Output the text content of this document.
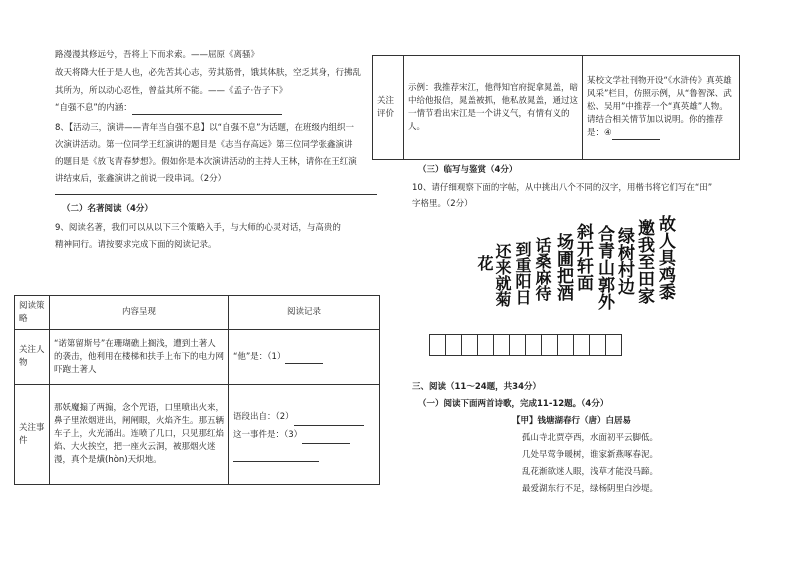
路漫漫其修远兮，吾将上下而求索。——屈原《离骚》
故天将降大任于是人也，必先苦其心志，劳其筋骨，饿其体肤，空乏其身，行拂乱
其所为，所以动心忍性，曾益其所不能。——《孟子·告子下》
“自强不息”的内涵：
8、【活动三，演讲——青年当自强不息】以“自强不息”为话题，在班级内组织一
次演讲活动。第一位同学王红演讲的题目是《志当存高远》第三位同学张鑫演讲
的题目是《放飞青春梦想》。假如你是本次演讲活动的主持人王林，请你在王红演
讲结束后，张鑫演讲之前说一段串词。（2分）
（二）名著阅读（4分）
9、阅读名著，我们可以从以下三个策略入手，与大师的心灵对话，与高贵的
精神同行。请按要求完成下面的阅读记录。
阅读策略	内容呈现	阅读记录
关注人物	“诺第留斯号”在珊瑚礁上搁浅，遭到土著人的袭击，他利用在楼梯和扶手上布下的电力网吓跑土著人	“他”是：（1）
关注事件	那妖魔搧了两搧，念个咒语，口里喷出火来，鼻子里浓烟迸出，闸闸眼，火焰齐生。那五辆车子上，火光涌出。连喷了几口，只见那红焰焰、大火挨空，把一座火云洞，被那烟火迷漫，真个是熿(hòn)天炽地。	语段出自：（2）
这一事件是：（3）

关注评价	示例：我推荐宋江，他得知官府捉拿晁盖，暗中给他报信，晁盖被抓，他私放晁盖，通过这一情节看出宋江是一个讲义气，有情有义的人。	某校文学社刊物开设“《水浒传》真英雄风采”栏目，仿照示例，从“鲁智深、武松、吴用”中推荐一个“真英雄”人物。
请结合相关情节加以说明。你的推荐是：④
（三）临写与鉴赏（4分）
10、请仔细观察下面的字帖，从中挑出八个不同的汉字，用楷书将它们写在“田”
字格里。（2分）
故人具鸡黍
邀我至田家
绿树村边
合青山郭外
斜开轩面
场圃把酒
话桑麻待
到重阳日
还来就菊
花
三、阅读（11～24题，共34分）
（一）阅读下面两首诗歌，完成11-12题。（4分）
【甲】钱塘湖春行（唐）白居易
孤山寺北贾亭西，水面初平云脚低。
几处早莺争暖树，谁家新燕啄春泥。
乱花渐欲迷人眼，浅草才能没马蹄。
最爱湖东行不足，绿杨阴里白沙堤。
